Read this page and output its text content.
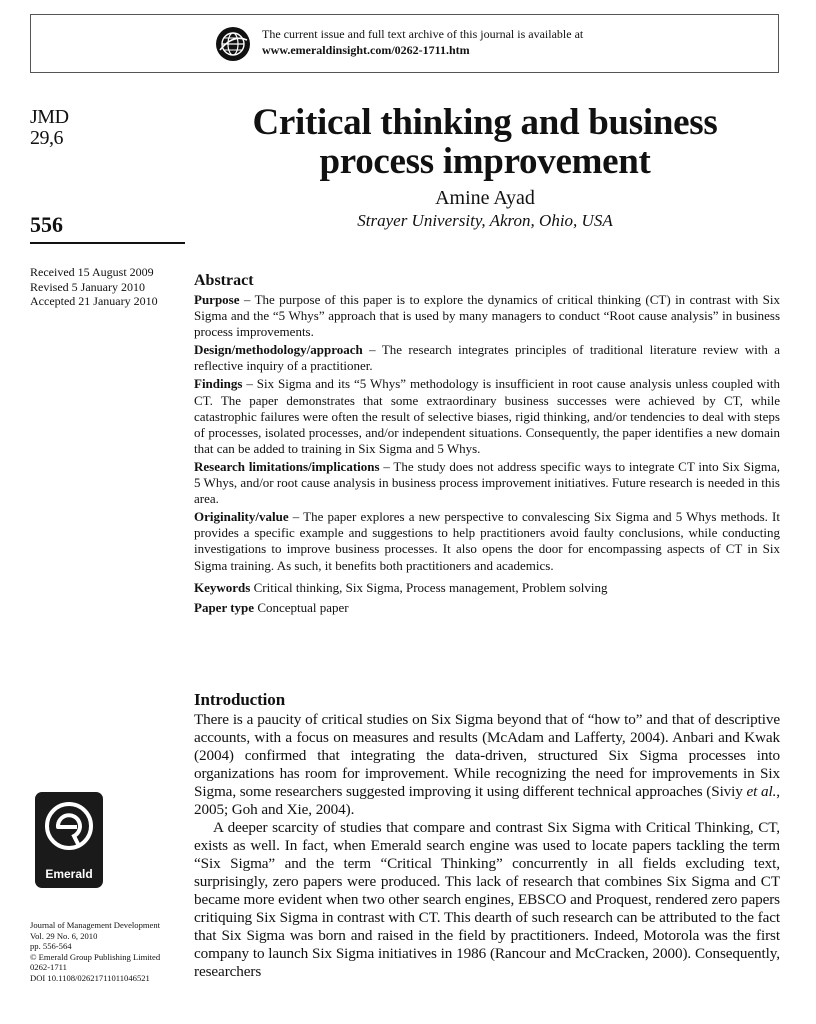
The current issue and full text archive of this journal is available at
www.emeraldinsight.com/0262-1711.htm
JMD
29,6
556
Received 15 August 2009
Revised 5 January 2010
Accepted 21 January 2010
Critical thinking and business
process improvement
Amine Ayad
Strayer University, Akron, Ohio, USA
Abstract

Purpose – The purpose of this paper is to explore the dynamics of critical thinking (CT) in contrast with Six Sigma and the “5 Whys” approach that is used by many managers to conduct “Root cause analysis” in business process improvements.

Design/methodology/approach – The research integrates principles of traditional literature review with a reflective inquiry of a practitioner.

Findings – Six Sigma and its “5 Whys” methodology is insufficient in root cause analysis unless coupled with CT. The paper demonstrates that some extraordinary business successes were achieved by CT, while catastrophic failures were often the result of selective biases, rigid thinking, and/or tendencies to deal with steps of processes, isolated processes, and/or independent situations. Consequently, the paper identifies a new domain that can be added to training in Six Sigma and 5 Whys.

Research limitations/implications – The study does not address specific ways to integrate CT into Six Sigma, 5 Whys, and/or root cause analysis in business process improvement initiatives. Future research is needed in this area.

Originality/value – The paper explores a new perspective to convalescing Six Sigma and 5 Whys methods. It provides a specific example and suggestions to help practitioners avoid faulty conclusions, while conducting investigations to improve business processes. It also opens the door for encompassing aspects of CT in Six Sigma training. As such, it benefits both practitioners and academics.

Keywords Critical thinking, Six Sigma, Process management, Problem solving

Paper type Conceptual paper

Introduction

There is a paucity of critical studies on Six Sigma beyond that of “how to” and that of descriptive accounts, with a focus on measures and results (McAdam and Lafferty, 2004). Anbari and Kwak (2004) confirmed that integrating the data-driven, structured Six Sigma processes into organizations has room for improvement. While recognizing the need for improvements in Six Sigma, some researchers suggested improving it using different technical approaches (Siviy et al., 2005; Goh and Xie, 2004).

A deeper scarcity of studies that compare and contrast Six Sigma with Critical Thinking, CT, exists as well. In fact, when Emerald search engine was used to locate papers tackling the term “Six Sigma” and the term “Critical Thinking” concurrently in all fields excluding text, surprisingly, zero papers were produced. This lack of research that combines Six Sigma and CT became more evident when two other search engines, EBSCO and Proquest, rendered zero papers critiquing Six Sigma in contrast with CT. This dearth of such research can be attributed to the fact that Six Sigma was born and raised in the field by practitioners. Indeed, Motorola was the first company to launch Six Sigma initiatives in 1986 (Rancour and McCracken, 2000). Consequently, researchers

Emerald
Journal of Management Development
Vol. 29 No. 6, 2010
pp. 556-564
© Emerald Group Publishing Limited
0262-1711
DOI 10.1108/02621711011046521
